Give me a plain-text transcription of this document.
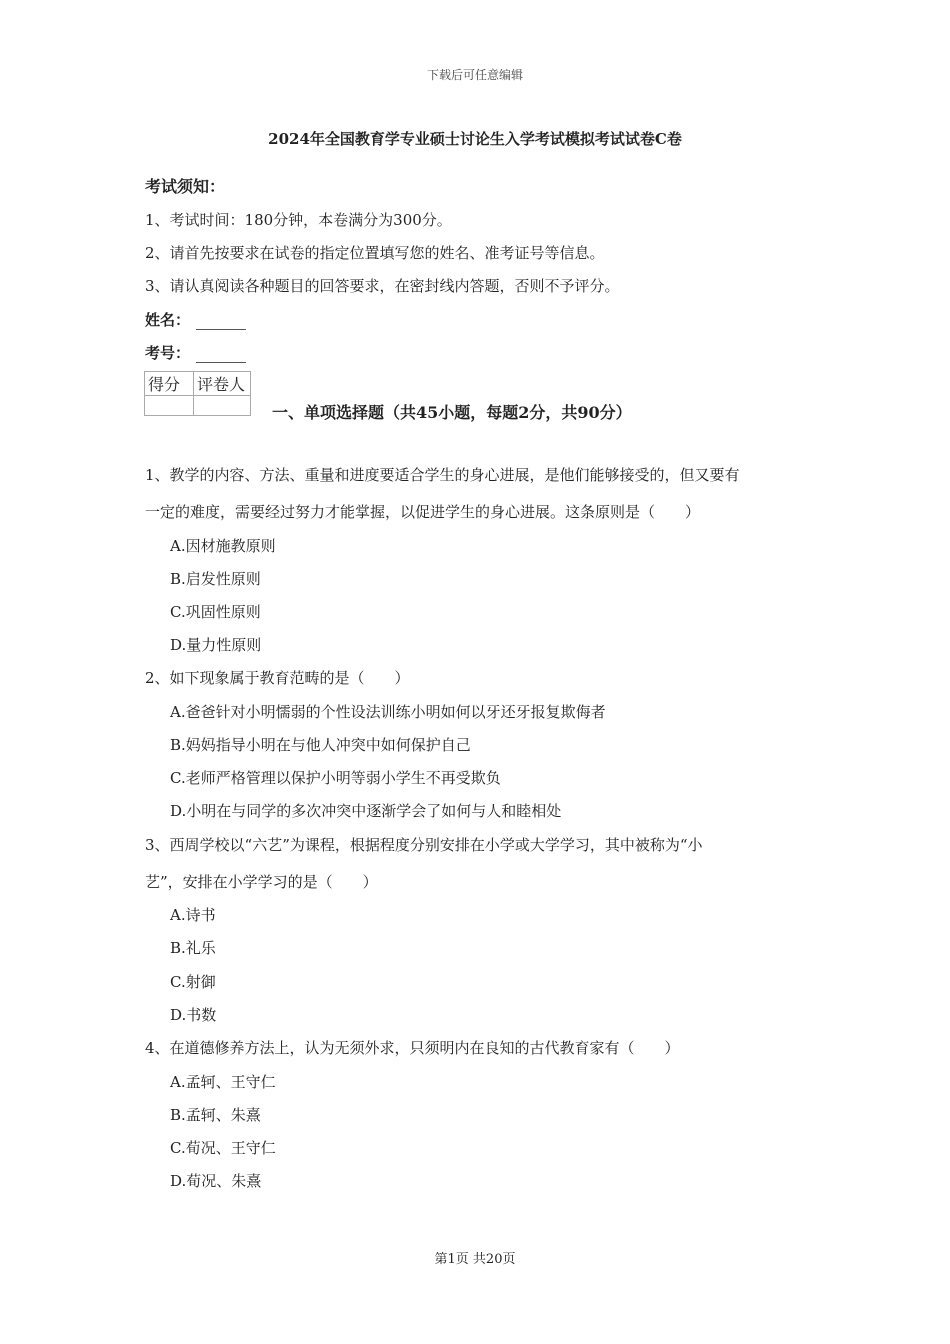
下载后可任意编辑
2024年全国教育学专业硕士讨论生入学考试模拟考试试卷C卷
考试须知：
1、考试时间：180分钟，本卷满分为300分。
2、请首先按要求在试卷的指定位置填写您的姓名、准考证号等信息。
3、请认真阅读各种题目的回答要求，在密封线内答题，否则不予评分。
姓名：
考号：
得分	评卷人

一、单项选择题（共45小题，每题2分，共90分）
1、教学的内容、方法、重量和进度要适合学生的身心进展，是他们能够接受的，但又要有
一定的难度，需要经过努力才能掌握，以促进学生的身心进展。这条原则是（　　）
A.因材施教原则
B.启发性原则
C.巩固性原则
D.量力性原则
2、如下现象属于教育范畴的是（　　）
A.爸爸针对小明懦弱的个性设法训练小明如何以牙还牙报复欺侮者
B.妈妈指导小明在与他人冲突中如何保护自己
C.老师严格管理以保护小明等弱小学生不再受欺负
D.小明在与同学的多次冲突中逐渐学会了如何与人和睦相处
3、西周学校以“六艺”为课程，根据程度分别安排在小学或大学学习，其中被称为“小
艺”，安排在小学学习的是（　　）
A.诗书
B.礼乐
C.射御
D.书数
4、在道德修养方法上，认为无须外求，只须明内在良知的古代教育家有（　　）
A.孟轲、王守仁
B.孟轲、朱熹
C.荀况、王守仁
D.荀况、朱熹
第1页 共20页
